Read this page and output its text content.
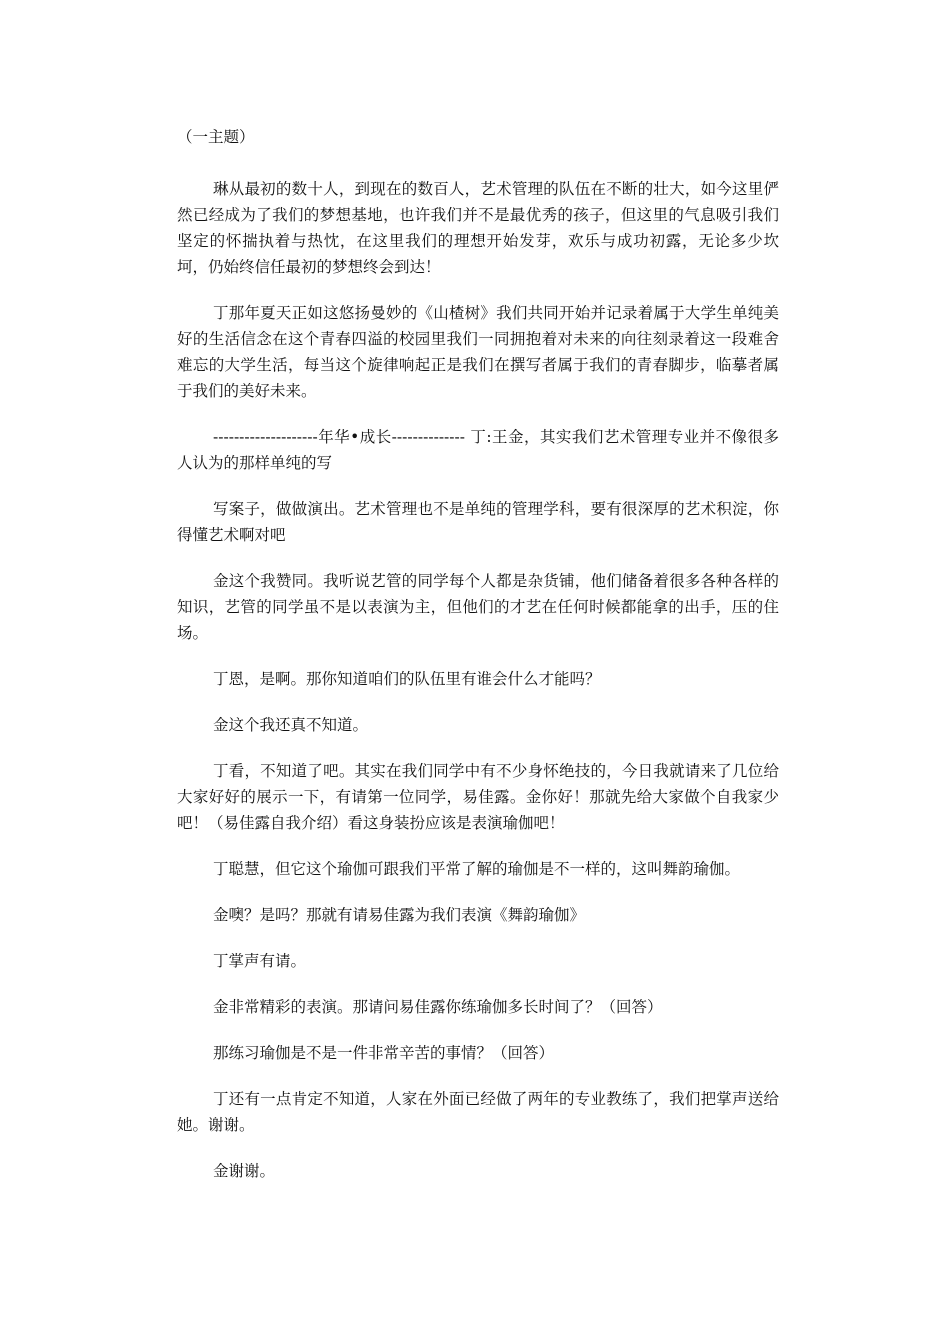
（一主题）

琳从最初的数十人，到现在的数百人，艺术管理的队伍在不断的壮大，如今这里俨然已经成为了我们的梦想基地，也许我们并不是最优秀的孩子，但这里的气息吸引我们坚定的怀揣执着与热忱，在这里我们的理想开始发芽，欢乐与成功初露，无论多少坎坷，仍始终信任最初的梦想终会到达！

丁那年夏天正如这悠扬曼妙的《山楂树》我们共同开始并记录着属于大学生单纯美好的生活信念在这个青春四溢的校园里我们一同拥抱着对未来的向往刻录着这一段难舍难忘的大学生活，每当这个旋律响起正是我们在撰写者属于我们的青春脚步，临摹者属于我们的美好未来。

--------------------年华•成长-------------- 丁:王金，其实我们艺术管理专业并不像很多人认为的那样单纯的写

写案子，做做演出。艺术管理也不是单纯的管理学科，要有很深厚的艺术积淀，你得懂艺术啊对吧

金这个我赞同。我听说艺管的同学每个人都是杂货铺，他们储备着很多各种各样的知识，艺管的同学虽不是以表演为主，但他们的才艺在任何时候都能拿的出手，压的住场。

丁恩，是啊。那你知道咱们的队伍里有谁会什么才能吗？

金这个我还真不知道。

丁看，不知道了吧。其实在我们同学中有不少身怀绝技的，今日我就请来了几位给大家好好的展示一下，有请第一位同学，易佳露。金你好！那就先给大家做个自我家少吧！（易佳露自我介绍）看这身装扮应该是表演瑜伽吧！

丁聪慧，但它这个瑜伽可跟我们平常了解的瑜伽是不一样的，这叫舞韵瑜伽。

金噢？是吗？那就有请易佳露为我们表演《舞韵瑜伽》

丁掌声有请。

金非常精彩的表演。那请问易佳露你练瑜伽多长时间了？（回答）

那练习瑜伽是不是一件非常辛苦的事情？（回答）

丁还有一点肯定不知道，人家在外面已经做了两年的专业教练了，我们把掌声送给她。谢谢。

金谢谢。
